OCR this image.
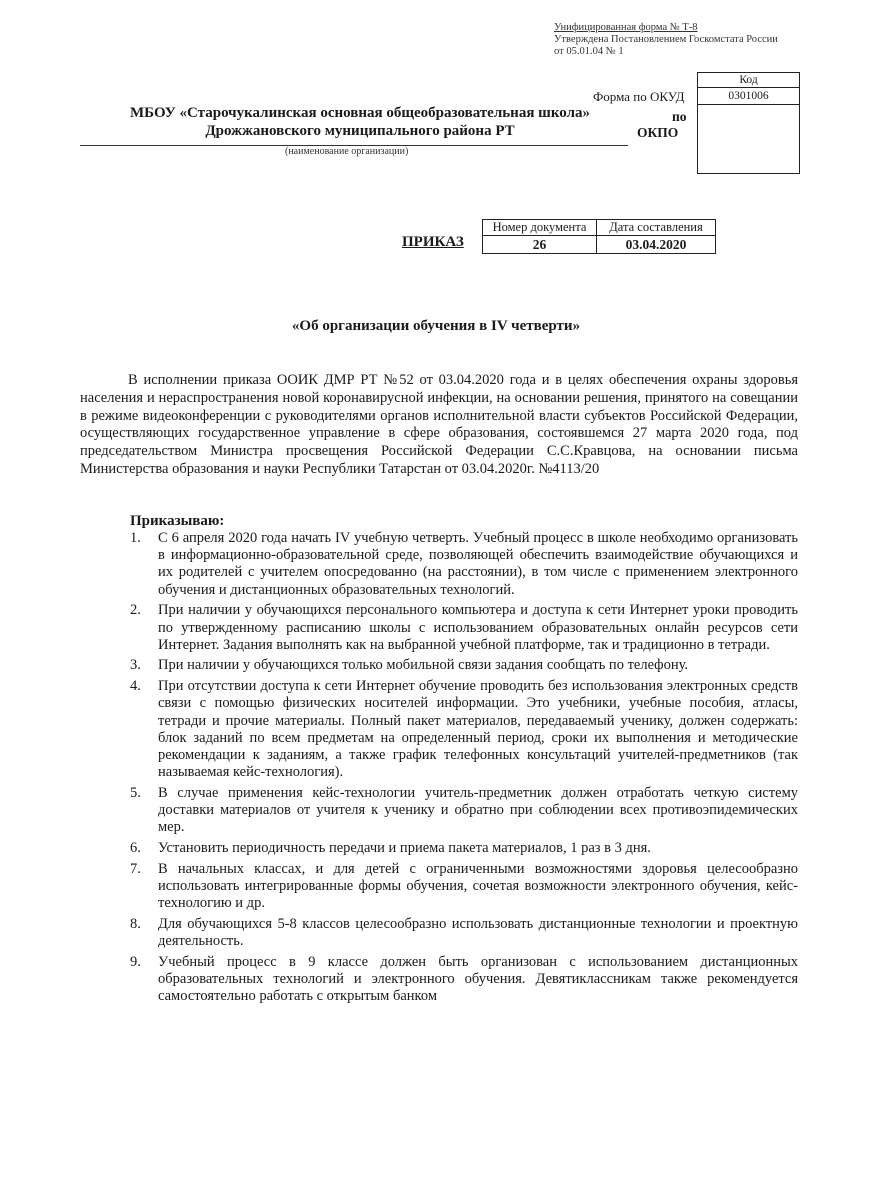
Унифицированная форма № Т-8
Утверждена Постановлением Госкомстата России
от 05.01.04 № 1
Форма по ОКУД
по
ОКПО
Код
0301006
МБОУ «Старочукалинская основная общеобразовательная школа»
Дрожжановского муниципального района РТ
(наименование организации)
Номер документа	Дата составления
26	03.04.2020
ПРИКАЗ
«Об организации обучения в IV четверти»

В исполнении приказа ООИК ДМР РТ №52 от 03.04.2020 года и в целях обеспечения охраны здоровья населения и нераспространения новой коронавирусной инфекции, на основании решения, принятого на совещании в режиме видеоконференции с руководителями органов исполнительной власти субъектов Российской Федерации, осуществляющих государственное управление в сфере образования, состоявшемся 27 марта 2020 года, под председательством Министра просвещения Российской Федерации С.С.Кравцова, на основании письма Министерства образования и науки Республики Татарстан от 03.04.2020г. №4113/20

Приказываю:
1. С 6 апреля 2020 года начать IV учебную четверть. Учебный процесс в школе необходимо организовать в информационно-образовательной среде, позволяющей обеспечить взаимодействие обучающихся и их родителей с учителем опосредованно (на расстоянии), в том числе с применением электронного обучения и дистанционных образовательных технологий.
2. При наличии у обучающихся персонального компьютера и доступа к сети Интернет уроки проводить по утвержденному расписанию школы с использованием образовательных онлайн ресурсов сети Интернет. Задания выполнять как на выбранной учебной платформе, так и традиционно в тетради.
3. При наличии у обучающихся только мобильной связи задания сообщать по телефону.
4. При отсутствии доступа к сети Интернет обучение проводить без использования электронных средств связи с помощью физических носителей информации. Это учебники, учебные пособия, атласы, тетради и прочие материалы. Полный пакет материалов, передаваемый ученику, должен содержать: блок заданий по всем предметам на определенный период, сроки их выполнения и методические рекомендации к заданиям, а также график телефонных консультаций учителей-предметников (так называемая кейс-технология).
5. В случае применения кейс-технологии учитель-предметник должен отработать четкую систему доставки материалов от учителя к ученику и обратно при соблюдении всех противоэпидемических мер.
6. Установить периодичность передачи и приема пакета материалов, 1 раз в 3 дня.
7. В начальных классах, и для детей с ограниченными возможностями здоровья целесообразно использовать интегрированные формы обучения, сочетая возможности электронного обучения, кейс-технологию и др.
8. Для обучающихся 5-8 классов целесообразно использовать дистанционные технологии и проектную деятельность.
9. Учебный процесс в 9 классе должен быть организован с использованием дистанционных образовательных технологий и электронного обучения. Девятиклассникам также рекомендуется самостоятельно работать с открытым банком
